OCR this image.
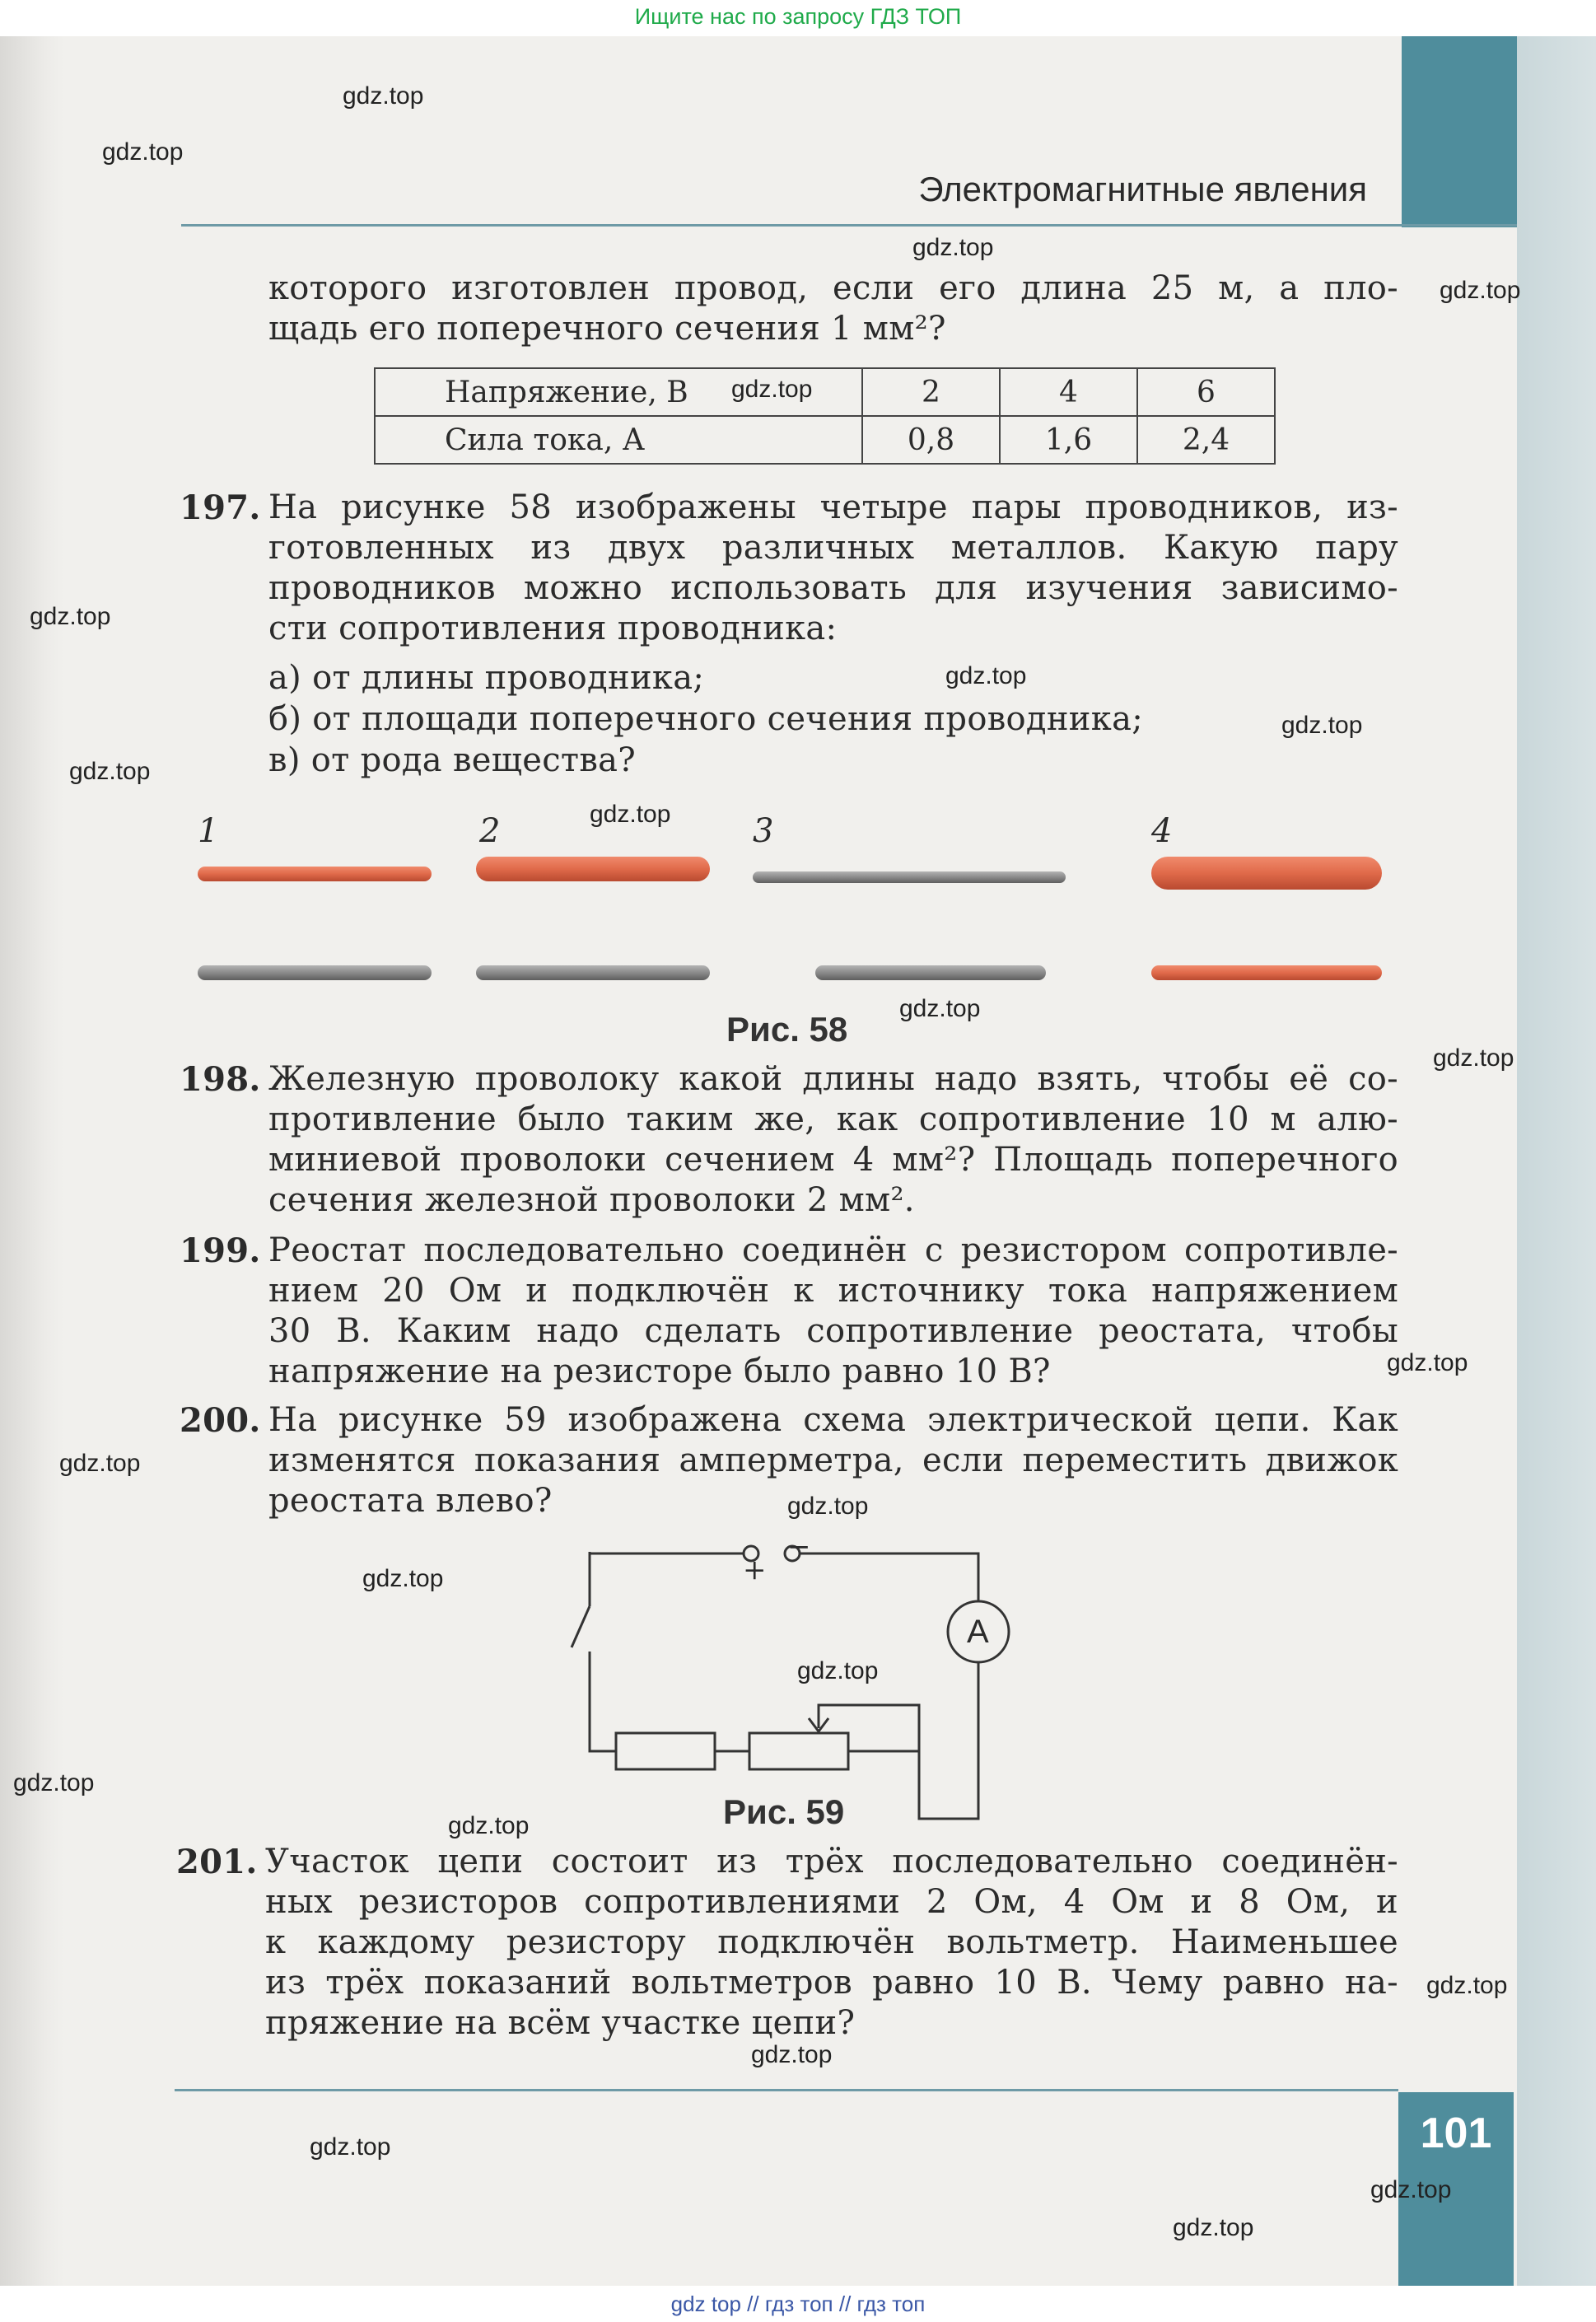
Ищите нас по запросу ГДЗ ТОП
101
Электромагнитные явления
которого изготовлен провод, если его длина 25 м, а пло-
щадь его поперечного сечения 1 мм²?
Напряжение, В	2	4	6
Сила тока, А	0,8	1,6	2,4
197. На рисунке 58 изображены четыре пары проводников, из-
готовленных из двух различных металлов. Какую пару
проводников можно использовать для изучения зависимо-
сти сопротивления проводника:
а) от длины проводника;
б) от площади поперечного сечения проводника;
в) от рода вещества?
1	2	3	4
Рис. 58
+
−
A
Рис. 59
198. Железную проволоку какой длины надо взять, чтобы её со-
противление было таким же, как сопротивление 10 м алю-
миниевой проволоки сечением 4 мм²? Площадь поперечного
сечения железной проволоки 2 мм².
199. Реостат последовательно соединён с резистором сопротивле-
нием 20 Ом и подключён к источнику тока напряжением
30 В. Каким надо сделать сопротивление реостата, чтобы
напряжение на резисторе было равно 10 В?
200. На рисунке 59 изображена схема электрической цепи. Как
изменятся показания амперметра, если переместить движок
реостата влево?
201. Участок цепи состоит из трёх последовательно соединён-
ных резисторов сопротивлениями 2 Ом, 4 Ом и 8 Ом, и
к каждому резистору подключён вольтметр. Наименьшее
из трёх показаний вольтметров равно 10 В. Чему равно на-
пряжение на всём участке цепи?
gdz.top
gdz.top
gdz.top
gdz.top
gdz.top
gdz.top
gdz.top
gdz.top
gdz.top
gdz.top
gdz.top
gdz.top
gdz.top
gdz.top
gdz.top
gdz.top
gdz.top
gdz.top
gdz.top
gdz.top
gdz.top
gdz.top
gdz.top
gdz.top
gdz top // гдз топ // гдз топ
